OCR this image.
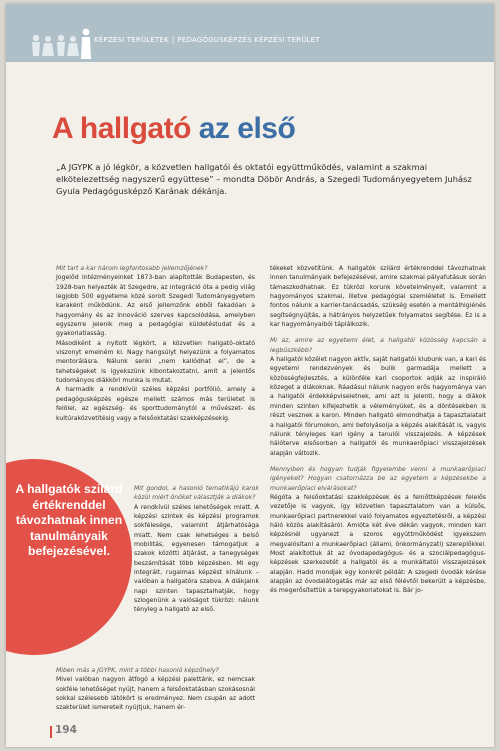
KÉPZÉSI TERÜLETEK | PEDAGÓGUSKÉPZÉS KÉPZÉSI TERÜLET
A hallgató az első

„A JGYPK a jó légkör, a közvetlen hallgatói és oktatói együttműködés, valamint a szakmai elkötelezettség nagyszerű együttese” – mondta Döbör András, a Szegedi Tudományegyetem Juhász Gyula Pedagógusképző Karának dékánja.

Mit tart a kar három legfontosabb jellemzőjének?

Jogelőd intézményeinket 1873-ban alapították Budapesten, és 1928-ban helyezték át Szegedre, az integráció óta a pedig világ legjobb 500 egyeteme közé sorolt Szegedi Tudományegyetem karaként működünk. Az első jellemzőnk ebből fakadóan a hagyomány és az innováció szerves kapcsolódása, amelyben egyszerre jelenik meg a pedagógiai küldetéstudat és a gyakorlatiasság.

Másodiként a nyitott légkört, a közvetlen hallgató-oktató viszonyt emelném ki. Nagy hangsúlyt helyezünk a folyamatos mentorálásra. Nálunk senki „nem kallódhat el”, de a tehetségeket is igyekszünk kibontakoztatni, amit a jelentős tudományos diákköri munka is mutat.

A harmadik a rendkívül széles képzési portfólió, amely a pedagógusképzés egésze mellett számos más területet is felölel, az egészség- és sporttudománytól a művészet- és kultúraközvetítésig vagy a felsőoktatási szakképzésekig.

A hallgatók szilárd értékrenddel távozhatnak innen tanulmányaik befejezésével.

Mit gondol, a hasonló tematikájú karok közül miért önöket választják a diákok?

A rendkívül széles lehetőségek miatt. A képzési szintek és képzési programok sokfélesége, valamint átjárhatósága miatt. Nem csak lehetséges a belső mobilitás, egyenesen támogatjuk a szakok közötti átjárást, a tanegységek beszámítását több képzésben. Mi egy integrált, rugalmas képzést kínálunk – valóban a hallgatóra szabva. A diákjaink napi szinten tapasztalhatják, hogy szlogenünk a valóságot tükrözi: nálunk tényleg a hallgató az első.

Miben más a JGYPK, mint a többi hasonló képzőhely?

Mivel valóban nagyon átfogó a képzési palettánk, ez nemcsak sokféle lehetőséget nyújt, hanem a felsőoktatásban szokásosnál sokkal szélesebb látókört is eredményez. Nem csupán az adott szakterület ismereteit nyújtjuk, hanem ér-

tékeket közvetítünk. A hallgatók szilárd értékrenddel távozhatnak innen tanulmányaik befejezésével, amire szakmai pályafutásuk során támaszkodhatnak. Ez tükrözi korunk követelményeit, valamint a hagyományos szakmai, illetve pedagógiai szemléletet is. Emellett fontos nálunk a karrier-tanácsadás, szükség esetén a mentálhigiénés segítségnyújtás, a hátrányos helyzetűek folyamatos segítése. Ez is a kar hagyományaiból táplálkozik.

Mi az, amire az egyetemi élet, a hallgatói közösség kapcsán a legbüszkébb?

A hallgatói közélet nagyon aktív, saját hallgatói klubunk van, a kari és egyetemi rendezvények és bulik garmadája mellett a közösségfejlesztés, a különféle kari csoportok adják az inspiráló közeget a diákoknak. Ráadásul nálunk nagyon erős hagyománya van a hallgatói érdekképviseletnek, ami azt is jelenti, hogy a diákok minden szinten kifejezhetik a véleményüket, és a döntésekben is részt vesznek a karon. Minden hallgató elmondhatja a tapasztalatait a hallgatói fórumokon, ami befolyásolja a képzés alakítását is, vagyis nálunk tényleges kari igény a tanulói visszajelzés. A képzések hálóterve elsősorban a hallgatói és munkaerőpiaci visszajelzések alapján változik.

Mennyiben és hogyan tudják figyelembe venni a munkaerőpiaci igényeket? Hogyan csatornázza be az egyetem a képzésekbe a munkaerőpiaci elvárásokat?

Régóta a felsőoktatási szakképzések és a felnőttképzések felelős vezetője is vagyok, így közvetlen tapasztalatom van a külsős, munkaerőpiaci partnerekkel való folyamatos egyeztetésről, a képzési háló közös alakításáról. Amióta két éve dékán vagyok, minden kari képzésnél ugyanezt a szoros együttműködést igyekszem megvalósítani a munkaerőpiaci (állami, önkormányzati) szereplőkkel. Most alakítottuk át az óvodapedagógus- és a szociálpedagógus-képzések szerkezetét a hallgatói és a munkáltatói visszajelzések alapján. Hadd mondjak egy konkrét példát: A szegedi óvodák kérése alapján az óvodalátogatás már az első félévtől bekerült a képzésbe, és megerősítettük a terepgyakorlatokat is. Bár jo-

194
